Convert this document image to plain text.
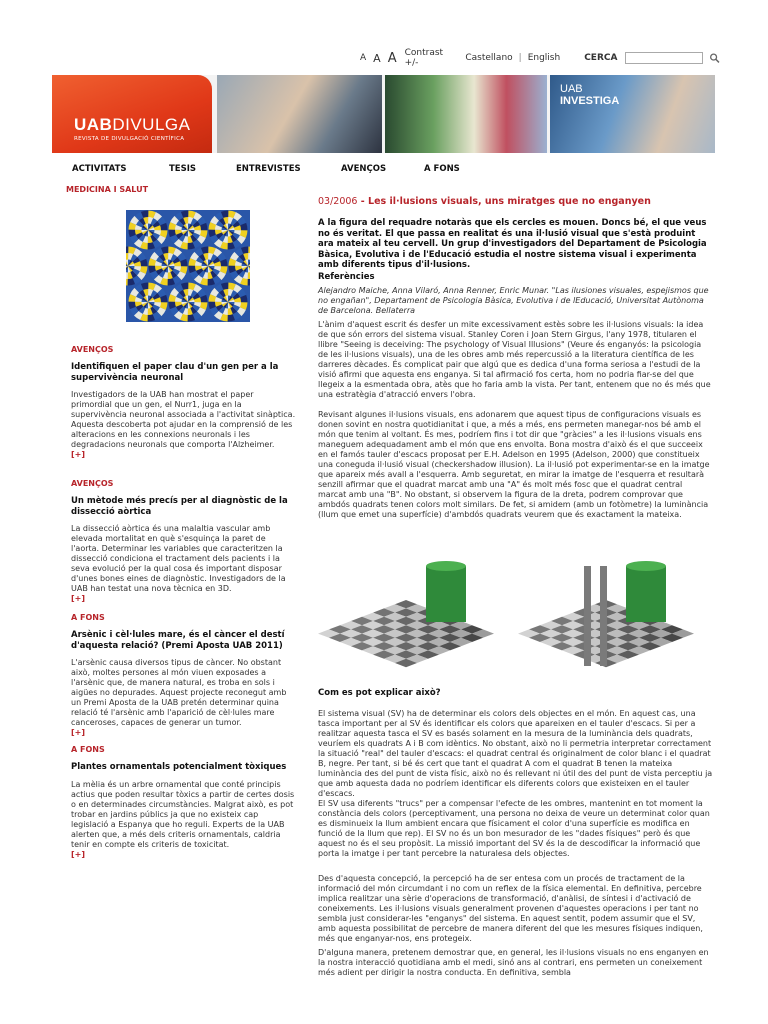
A A A Contrast +/-	Castellano | English	CERCA
UABDIVULGA
REVISTA DE DIVULGACIÓ CIENTÍFICA
UAB
INVESTIGA
ACTIVITATS	TESIS	ENTREVISTES	AVENÇOS	A FONS
MEDICINA I SALUT
AVENÇOS
Identifiquen el paper clau d'un gen per a la supervivència neuronal
Investigadors de la UAB han mostrat el paper primordial que un gen, el Nurr1, juga en la supervivència neuronal associada a l'activitat sinàptica. Aquesta descoberta pot ajudar en la comprensió de les alteracions en les connexions neuronals i les degradacions neuronals que comporta l'Alzheimer.
[+]
AVENÇOS
Un mètode més precís per al diagnòstic de la dissecció aòrtica
La dissecció aòrtica és una malaltia vascular amb elevada mortalitat en què s'esquinça la paret de l'aorta. Determinar les variables que caracteritzen la dissecció condiciona el tractament dels pacients i la seva evolució per la qual cosa és important disposar d'unes bones eines de diagnòstic. Investigadors de la UAB han testat una nova tècnica en 3D.
[+]
A FONS
Arsènic i cèl·lules mare, és el càncer el destí d'aquesta relació? (Premi Aposta UAB 2011)
L'arsènic causa diversos tipus de càncer. No obstant això, moltes persones al món viuen exposades a l'arsènic que, de manera natural, es troba en sols i aigües no depurades. Aquest projecte reconegut amb un Premi Aposta de la UAB pretén determinar quina relació té l'arsènic amb l'aparició de cèl·lules mare canceroses, capaces de generar un tumor.
[+]
A FONS
Plantes ornamentals potencialment tòxiques
La mèlia és un arbre ornamental que conté principis actius que poden resultar tòxics a partir de certes dosis o en determinades circumstàncies. Malgrat això, es pot trobar en jardins públics ja que no existeix cap legislació a Espanya que ho reguli. Experts de la UAB alerten que, a més dels criteris ornamentals, caldria tenir en compte els criteris de toxicitat.
[+]
03/2006 - Les il·lusions visuals, uns miratges que no enganyen
A la figura del requadre notaràs que els cercles es mouen. Doncs bé, el que veus no és veritat. El que passa en realitat és una il·lusió visual que s'està produint ara mateix al teu cervell. Un grup d'investigadors del Departament de Psicologia Bàsica, Evolutiva i de l'Educació estudia el nostre sistema visual i experimenta amb diferents tipus d'il·lusions.
Referències
Alejandro Maiche, Anna Vilaró, Anna Renner, Enric Munar. "Las ilusiones visuales, espejismos que no engañan", Departament de Psicologia Bàsica, Evolutiva i de lEducació, Universitat Autònoma de Barcelona. Bellaterra
L'ànim d'aquest escrit és desfer un mite excessivament estès sobre les il·lusions visuals: la idea de que són errors del sistema visual. Stanley Coren i Joan Stern Girgus, l'any 1978, titularen el llibre "Seeing is deceiving: The psychology of Visual Illusions" (Veure és enganyós: la psicologia de les il·lusions visuals), una de les obres amb més repercussió a la literatura científica de les darreres dècades. És complicat pair que algú que es dedica d'una forma seriosa a l'estudi de la visió afirmi que aquesta ens enganya. Si tal afirmació fos certa, hom no podria fiar-se del que llegeix a la esmentada obra, atès que ho faria amb la vista. Per tant, entenem que no és més que una estratègia d'atracció envers l'obra.
Revisant algunes il·lusions visuals, ens adonarem que aquest tipus de configuracions visuals es donen sovint en nostra quotidianitat i que, a més a més, ens permeten manegar-nos bé amb el món que tenim al voltant. És mes, podríem fins i tot dir que "gràcies" a les il·lusions visuals ens maneguem adequadament amb el món que ens envolta. Bona mostra d'això és el que succeeix en el famós tauler d'escacs proposat per E.H. Adelson en 1995 (Adelson, 2000) que constitueix una coneguda il·lusió visual (checkershadow illusion). La il·lusió pot experimentar-se en la imatge que apareix més avall a l'esquerra. Amb seguretat, en mirar la imatge de l'esquerra et resultarà senzill afirmar que el quadrat marcat amb una "A" és molt més fosc que el quadrat central marcat amb una "B". No obstant, si observem la figura de la dreta, podrem comprovar que ambdós quadrats tenen colors molt similars. De fet, si amidem (amb un fotòmetre) la luminància (llum que emet una superfície) d'ambdós quadrats veurem que és exactament la mateixa.
Com es pot explicar això?
El sistema visual (SV) ha de determinar els colors dels objectes en el món. En aquest cas, una tasca important per al SV és identificar els colors que apareixen en el tauler d'escacs. Si per a realitzar aquesta tasca el SV es basés solament en la mesura de la luminància dels quadrats, veuríem els quadrats A i B com idèntics. No obstant, això no li permetria interpretar correctament la situació "real" del tauler d'escacs: el quadrat central és originalment de color blanc i el quadrat B, negre. Per tant, si bé és cert que tant el quadrat A com el quadrat B tenen la mateixa luminància des del punt de vista físic, això no és rellevant ni útil des del punt de vista perceptiu ja que amb aquesta dada no podríem identificar els diferents colors que existeixen en el tauler d'escacs.
El SV usa diferents "trucs" per a compensar l'efecte de les ombres, mantenint en tot moment la constància dels colors (perceptivament, una persona no deixa de veure un determinat color quan es disminueix la llum ambient encara que físicament el color d'una superfície es modifica en funció de la llum que rep). El SV no és un bon mesurador de les "dades físiques" però és que aquest no és el seu propòsit. La missió important del SV és la de descodificar la informació que porta la imatge i per tant percebre la naturalesa dels objectes.
Des d'aquesta concepció, la percepció ha de ser entesa com un procés de tractament de la informació del món circumdant i no com un reflex de la física elemental. En definitiva, percebre implica realitzar una sèrie d'operacions de transformació, d'anàlisi, de síntesi i d'activació de coneixements. Les il·lusions visuals generalment provenen d'aquestes operacions i per tant no sembla just considerar-les "enganys" del sistema. En aquest sentit, podem assumir que el SV, amb aquesta possibilitat de percebre de manera diferent del que les mesures físiques indiquen, més que enganyar-nos, ens protegeix.
D'alguna manera, pretenem demostrar que, en general, les il·lusions visuals no ens enganyen en la nostra interacció quotidiana amb el medi, sinó ans al contrari, ens permeten un coneixement més adient per dirigir la nostra conducta. En definitiva, sembla
